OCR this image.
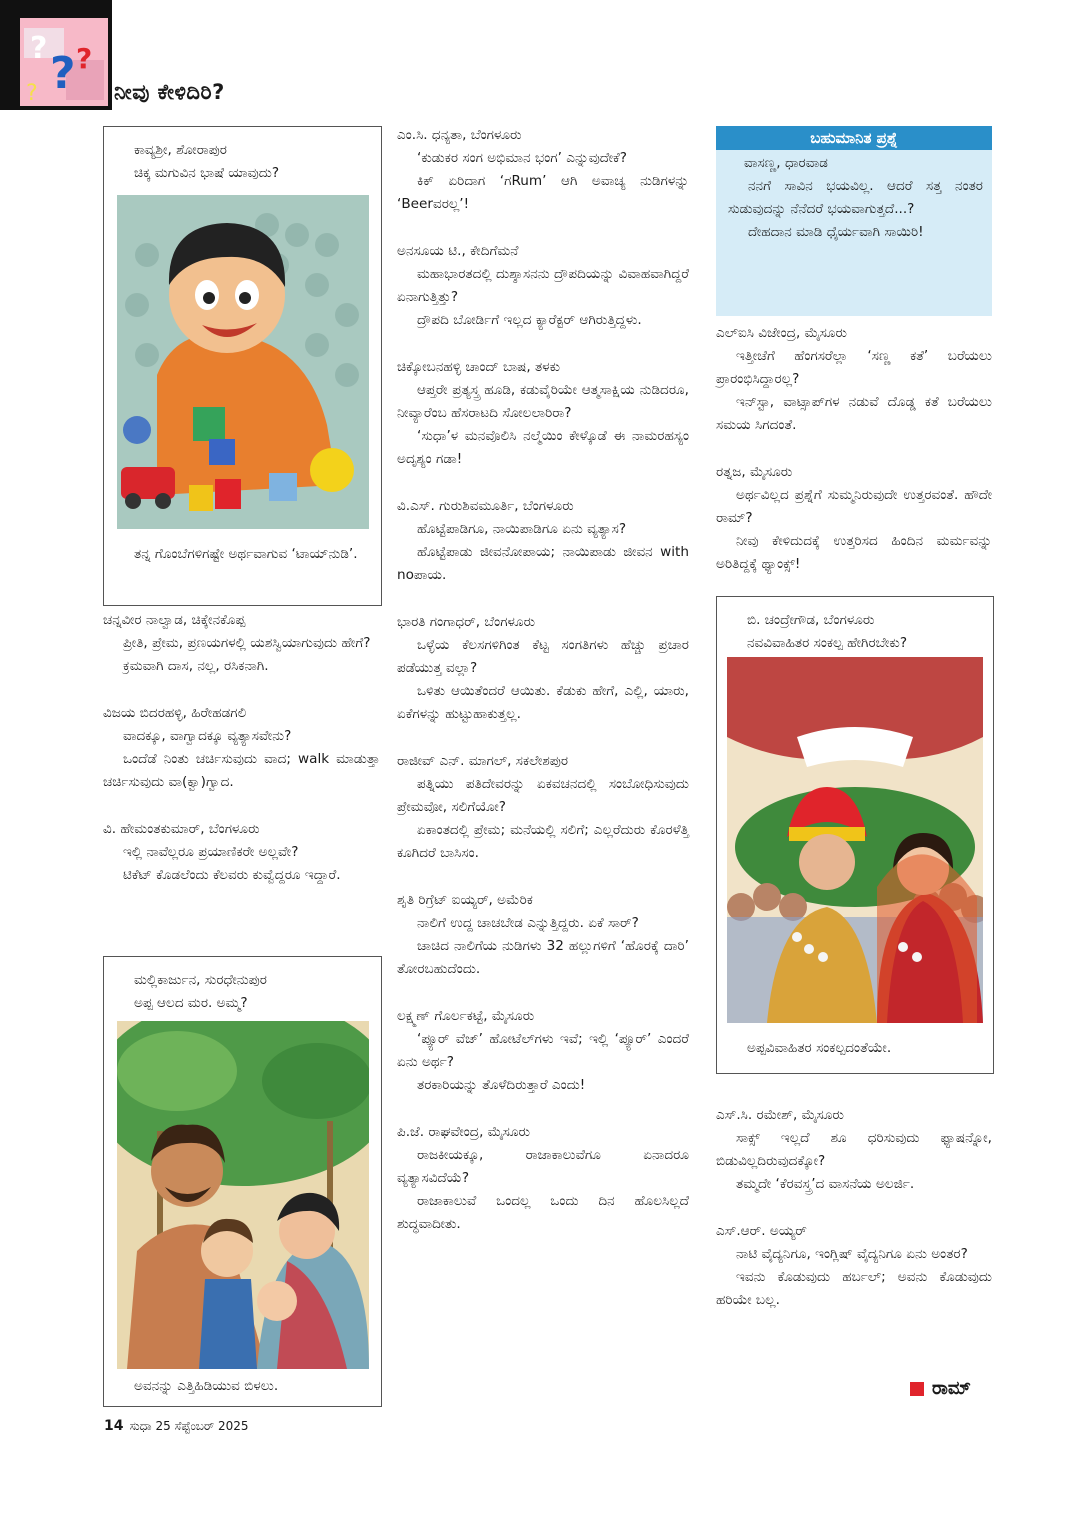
? ? ?
?	ನೀವು ಕೇಳಿದಿರಿ?
ಕಾವ್ಯಶ್ರೀ, ಶೋರಾಪುರ
ಚಿಕ್ಕ ಮಗುವಿನ ಭಾಷೆ ಯಾವುದು?
ತನ್ನ ಗೊಂಬೆಗಳಿಗಷ್ಟೇ ಅರ್ಥವಾಗುವ ‘ಟಾಯ್‌ನುಡಿ’.
ಚನ್ನವೀರ ನಾಲ್ವಾಡ, ಚಿಕ್ಕೇನಕೊಪ್ಪ
ಪ್ರೀತಿ, ಪ್ರೇಮ, ಪ್ರಣಯಗಳಲ್ಲಿ ಯಶಸ್ವಿಯಾಗುವುದು ಹೇಗೆ?
ಕ್ರಮವಾಗಿ ದಾಸ, ನಲ್ಲ, ರಸಿಕನಾಗಿ.
ವಿಜಯ ಬಿದರಹಳ್ಳಿ, ಹಿರೇಹಡಗಲಿ
ವಾದಕ್ಕೂ, ವಾಗ್ವಾದಕ್ಕೂ ವ್ಯತ್ಯಾಸವೇನು?
ಒಂದೆಡೆ ನಿಂತು ಚರ್ಚಿಸುವುದು ವಾದ; walk ಮಾಡುತ್ತಾ ಚರ್ಚಿಸುವುದು ವಾ(ಕ್ವಾ)ಗ್ವಾದ.
ವಿ. ಹೇಮಂತಕುಮಾರ್, ಬೆಂಗಳೂರು
ಇಲ್ಲಿ ನಾವೆಲ್ಲರೂ ಪ್ರಯಾಣಿಕರೇ ಅಲ್ಲವೇ?
ಟಿಕೆಟ್ ಕೊಡಲೆಂದು ಕೆಲವರು ಕುವ್ವೆದ್ದರೂ ಇದ್ದಾರೆ.
ಮಲ್ಲಿಕಾರ್ಜುನ, ಸುರಧೇನುಪುರ
ಅಪ್ಪ ಆಲದ ಮರ. ಅಮ್ಮ?
ಅವನನ್ನು ಎತ್ತಿಹಿಡಿಯುವ ಬಿಳಲು.
ಎಂ.ಸಿ. ಧನ್ಯತಾ, ಬೆಂಗಳೂರು
‘ಕುಡುಕರ ಸಂಗ ಅಭಿಮಾನ ಭಂಗ’ ಎನ್ನುವುದೇಕೆ?
ಕಿಕ್ ಏರಿದಾಗ ‘ಗRum’ ಆಗಿ ಅವಾಚ್ಯ ನುಡಿಗಳನ್ನು ‘Beerವರಲ್ಲ’!
ಅನಸೂಯ ಟಿ., ಕೇದಿಗೆಮನೆ
ಮಹಾಭಾರತದಲ್ಲಿ ದುಶ್ಶಾಸನನು ದ್ರೌಪದಿಯನ್ನು ವಿವಾಹವಾಗಿದ್ದರೆ ಏನಾಗುತ್ತಿತ್ತು?
ದ್ರೌಪದಿ ಬೋರ್ಡಿಗೆ ಇಲ್ಲದ ಕ್ಯಾರೆಕ್ಟರ್ ಆಗಿರುತ್ತಿದ್ದಳು.
ಚಿಕ್ಕೋಬನಹಳ್ಳಿ ಚಾಂದ್ ಬಾಷ, ತಳಕು
ಆಪ್ತರೇ ಪ್ರತ್ಯಸ್ತ್ರ ಹೂಡಿ, ಕಡುವೈರಿಯೇ ಆತ್ಮಸಾಕ್ಷಿಯ ನುಡಿದರೂ, ನೀವ್ಯಾರೆಂಬ ಹೆಸರಾಟದಿ ಸೋಲಲಾರಿರಾ?
‘ಸುಧಾ’ಳ ಮನವೊಲಿಸಿ ನಲ್ಮೆಯಿಂ ಕೇಳ್ಕೊಡೆ ಈ ನಾಮರಹಸ್ಯಂ ಅದೃಶ್ಯಂ ಗಡಾ!
ವಿ.ಎಸ್. ಗುರುಶಿವಮೂರ್ತಿ, ಬೆಂಗಳೂರು
ಹೊಟ್ಟೆಪಾಡಿಗೂ, ನಾಯಿಪಾಡಿಗೂ ಏನು ವ್ಯತ್ಯಾಸ?
ಹೊಟ್ಟೆಪಾಡು ಜೀವನೋಪಾಯ; ನಾಯಿಪಾಡು ಜೀವನ with noಪಾಯ.
ಭಾರತಿ ಗಂಗಾಧರ್, ಬೆಂಗಳೂರು
ಒಳ್ಳೆಯ ಕೆಲಸಗಳಿಗಿಂತ ಕೆಟ್ಟ ಸಂಗತಿಗಳು ಹೆಚ್ಚು ಪ್ರಚಾರ ಪಡೆಯುತ್ತ ವಲ್ಲಾ?
ಒಳಿತು ಆಯಿತೆಂದರೆ ಆಯಿತು. ಕೆಡುಕು ಹೇಗೆ, ಎಲ್ಲಿ, ಯಾರು, ಏಕೆಗಳನ್ನು ಹುಟ್ಟುಹಾಕುತ್ತಲ್ಲ.
ರಾಜೀವ್ ಎನ್. ಮಾಗಲ್, ಸಕಲೇಶಪುರ
ಪತ್ನಿಯು ಪತಿದೇವರನ್ನು ಏಕವಚನದಲ್ಲಿ ಸಂಬೋಧಿಸುವುದು ಪ್ರೇಮವೋ, ಸಲಿಗೆಯೋ?
ಏಕಾಂತದಲ್ಲಿ ಪ್ರೇಮ; ಮನೆಯಲ್ಲಿ ಸಲಿಗೆ; ಎಲ್ಲರೆದುರು ಕೊರಳೆತ್ತಿ ಕೂಗಿದರೆ ಬಾಸಿಸಂ.
ಶೃತಿ ರಿಗ್ರೆಟ್ ಐಯ್ಯರ್, ಅಮೆರಿಕ
ನಾಲಿಗೆ ಉದ್ದ ಚಾಚಬೇಡ ಎನ್ನುತ್ತಿದ್ದರು. ಏಕೆ ಸಾರ್?
ಚಾಚಿದ ನಾಲಿಗೆಯ ನುಡಿಗಳು 32 ಹಲ್ಲುಗಳಿಗೆ ‘ಹೊರಕ್ಕೆ ದಾರಿ’ ತೋರಬಹುದೆಂದು.
ಲಕ್ಷ್ಮಣ್ ಗೊರ್ಲಕಟ್ಟೆ, ಮೈಸೂರು
‘ಪ್ಯೂರ್ ವೆಜ್’ ಹೋಟೆಲ್‌ಗಳು ಇವೆ; ಇಲ್ಲಿ ‘ಪ್ಯೂರ್’ ಎಂದರೆ ಏನು ಅರ್ಥ?
ತರಕಾರಿಯನ್ನು ತೊಳೆದಿರುತ್ತಾರೆ ಎಂದು!
ಪಿ.ಜೆ. ರಾಘವೇಂದ್ರ, ಮೈಸೂರು
ರಾಜಕೀಯಕ್ಕೂ, ರಾಜಾಕಾಲುವೆಗೂ ಏನಾದರೂ ವ್ಯತ್ಯಾಸವಿದೆಯೆ?
ರಾಜಾಕಾಲುವೆ ಒಂದಲ್ಲ ಒಂದು ದಿನ ಹೊಲಸಿಲ್ಲದೆ ಶುದ್ಧವಾದೀತು.
ಬಹುಮಾನಿತ ಪ್ರಶ್ನೆ
ವಾಸಣ್ಣ, ಧಾರವಾಡ
ನನಗೆ ಸಾವಿನ ಭಯವಿಲ್ಲ. ಆದರೆ ಸತ್ತ ನಂತರ ಸುಡುವುದನ್ನು ನೆನೆದರೆ ಭಯವಾಗುತ್ತದೆ...?
ದೇಹದಾನ ಮಾಡಿ ಧೈರ್ಯವಾಗಿ ಸಾಯಿರಿ!
ಎಲ್‌ಐಸಿ ವಿಜೇಂದ್ರ, ಮೈಸೂರು
ಇತ್ತೀಚೆಗೆ ಹೆಂಗಸರೆಲ್ಲಾ ‘ಸಣ್ಣ ಕತೆ’ ಬರೆಯಲು ಪ್ರಾರಂಭಿಸಿದ್ದಾರಲ್ಲ?
ಇನ್‌ಸ್ಟಾ, ವಾಟ್ಸಾಪ್‌ಗಳ ನಡುವೆ ದೊಡ್ಡ ಕತೆ ಬರೆಯಲು ಸಮಯ ಸಿಗದಂತೆ.
ರತ್ನಜ, ಮೈಸೂರು
ಅರ್ಥವಿಲ್ಲದ ಪ್ರಶ್ನೆಗೆ ಸುಮ್ಮನಿರುವುದೇ ಉತ್ತರವಂತೆ. ಹೌದೇ ರಾಮ್?
ನೀವು ಕೇಳಿದುದಕ್ಕೆ ಉತ್ತರಿಸದ ಹಿಂದಿನ ಮರ್ಮವನ್ನು ಅರಿತಿದ್ದಕ್ಕೆ ಥ್ಯಾಂಕ್ಸ್!
ಬಿ. ಚಂದ್ರೇಗೌಡ, ಬೆಂಗಳೂರು
ನವವಿವಾಹಿತರ ಸಂಕಲ್ಪ ಹೇಗಿರಬೇಕು?
ಅಪ್ಪವಿವಾಹಿತರ ಸಂಕಲ್ಪದಂತೆಯೇ.
ಎಸ್.ಸಿ. ರಮೇಶ್, ಮೈಸೂರು
ಸಾಕ್ಸ್ ಇಲ್ಲದೆ ಶೂ ಧರಿಸುವುದು ಫ್ಯಾಷನ್ನೋ, ಬಿಡುವಿಲ್ಲದಿರುವುದಕ್ಕೋ?
ತಮ್ಮದೇ ‘ಕೆರವಸ್ತ್ರ’ದ ವಾಸನೆಯ ಅಲರ್ಜಿ.
ಎಸ್.ಆರ್. ಅಯ್ಯರ್
ನಾಟಿ ವೈದ್ಯನಿಗೂ, ಇಂಗ್ಲಿಷ್ ವೈದ್ಯನಿಗೂ ಏನು ಅಂತರ?
ಇವನು ಕೊಡುವುದು ಹರ್ಬಲ್; ಅವನು ಕೊಡುವುದು ಹರಿಯೇ ಬಲ್ಲ.
ರಾಮ್
14 ಸುಧಾ 25 ಸೆಪ್ಟೆಂಬರ್ 2025
